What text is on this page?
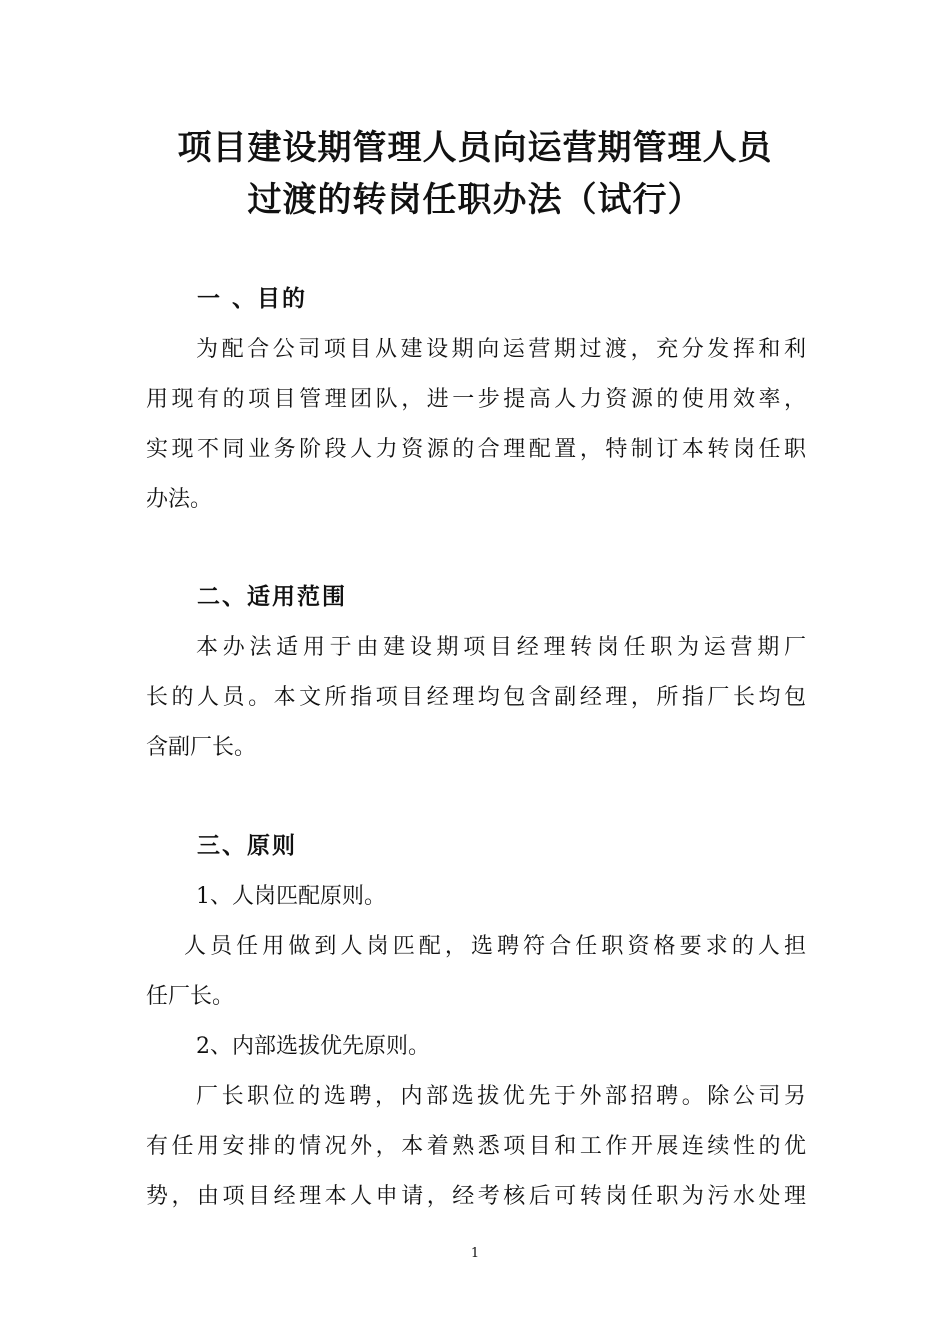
项目建设期管理人员向运营期管理人员
过渡的转岗任职办法（试行）
一 、目的
为配合公司项目从建设期向运营期过渡，充分发挥和利
用现有的项目管理团队，进一步提高人力资源的使用效率，
实现不同业务阶段人力资源的合理配置，特制订本转岗任职
办法。
二、适用范围
本办法适用于由建设期项目经理转岗任职为运营期厂
长的人员。本文所指项目经理均包含副经理，所指厂长均包
含副厂长。
三、原则
1、人岗匹配原则。
人员任用做到人岗匹配，选聘符合任职资格要求的人担
任厂长。
2、内部选拔优先原则。
厂长职位的选聘，内部选拔优先于外部招聘。除公司另
有任用安排的情况外，本着熟悉项目和工作开展连续性的优
势，由项目经理本人申请，经考核后可转岗任职为污水处理
1
